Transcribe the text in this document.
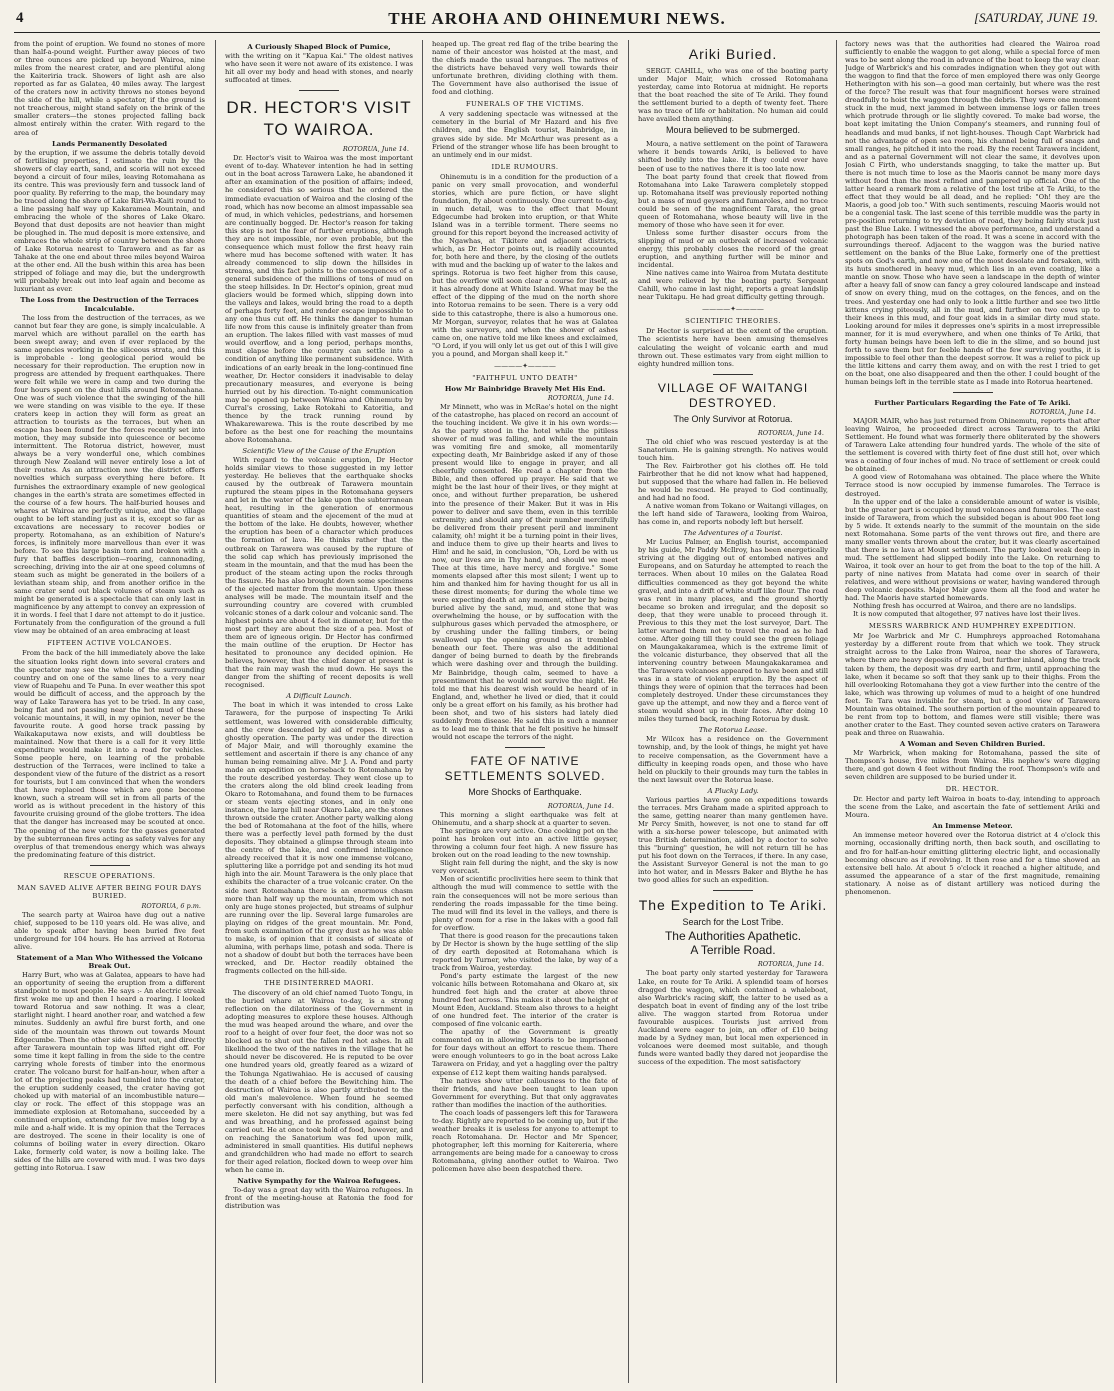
4	THE AROHA AND OHINEMURI NEWS.	[SATURDAY, JUNE 19.

from the point of eruption. We found no stones of more than half-a-pound weight. Further away pieces of two or three ounces are picked up beyond Wairoa, nine miles from the nearest crater, and are plentiful along the Kaiteriria track. Showers of light ash are also reported as far as Galatea, 40 miles away. The largest of the craters now in activity throws no stones beyond the side of the hill, while a spectator, if the ground is not treacherous, might stand safely on the brink of the smaller craters—the stones projected falling back almost entirely within the crater. With regard to the area of

Lands Permanently Desolated

by the eruption, if we assume the debris totally devoid of fertilising properties, I estimate the ruin by the showers of clay earth, sand, and scoria will not exceed beyond a circuit of four miles, leaving Rotomahana as its centre. This was previously fern and tussock land of poor quality. By referring to the map, the boundary may be traced along the shore of Lake Riri-Wa-Kaiti round to a line passing half way up Kakaramea Mountain, and embracing the whole of the shores of Lake Okaro. Beyond that dust deposits are not heavier than might be ploughed in. The mud deposit is more extensive, and embraces the whole strip of country between the shore of Lake Rotorua nearest to Tarawera and as far as Tahake at the one end about three miles beyond Wairoa at the other end. All the bush within this area has been stripped of foliage and may die, but the undergrowth will probably break out into leaf again and become as luxuriant as ever.

The Loss from the Destruction of the Terraces Incalculable.

The loss from the destruction of the terraces, as we cannot but fear they are gone, is simply incalculable. A marvel which are without parallel on the earth has been swept away; and even if ever replaced by the same agencies working in the siliceous strata, and this is improbable - long geological period would be necessary for their reproduction. The eruption now in progress are attended by frequent earthquakes. There were felt while we were in camp and two during the four hours spent on the dust hills around Rotomahana. One was of such violence that the swinging of the hill we were standing on was visible to the eye. If these craters keep in action they will form as great an attraction to tourists as the terraces, but when an escape has been found for the forces recently set into motion, they may subside into quiescence or become intermittent. The Rotorua district, however, must always be a very wonderful one, which combines through New Zealand will never entirely lose a lot of their routes. As an attraction now the district offers novelties which surpass everything here before. It furnishes the extraordinary example of new geological changes in the earth's strata are sometimes effected in the course of a few hours. The half-buried houses and whares at Wairoa are perfectly unique, and the village ought to be left standing just as it is, except so far as excavations are necessary to recover bodies or property. Rotomahana, as an exhibition of Nature's forces, is infinitely more marvellous than ever it was before. To see this large basin torn and broken with a fury that baffles description—roaring, cannonading, screeching, driving into the air at one speed columns of steam such as might be generated in the boilers of a leviathan steam ship, and from another orifice in the same crater send out black volumes of steam such as might be generated is a spectacle that can only last in magnificence by any attempt to convey an expression of it in words. I feel that I dare not attempt to do it justice. Fortunately from the configuration of the ground a full view may be obtained of an area embracing at least

FIFTEEN ACTIVE VOLCANOES.

From the back of the hill immediately above the lake the situation looks right down into several craters and the spectator may see the whole of the surrounding country and on one of the same lines to a very near view of Ruapehu and Te Puna. In ever weather this spot would be difficult of access, and the approach by the way of Lake Tarawera has yet to be tried. In any case, being flat and not passing near the hot mud of these volcanic mountains, it will, in my opinion, never be the favourite route. A good horse track passing by Waikakaputawa now exists, and will doubtless be maintained. Now that there is a call for it very little expenditure would make it into a road for vehicles. Some people here, on learning of the probable destruction of the Terraces, were inclined to take a despondent view of the future of the district as a resort for tourists, but I am convinced that when the wonders that have replaced those which are gone become known, such a stream will set in from all parts of the world as is without precedent in the history of this favourite cruising ground of the globe trotters. The idea that the danger has increased may be scouted at once. The opening of the new vents for the gasses generated by the subterranean fires acting as safety valves for any overplus of that tremendous energy which was always the predominating feature of this district.

RESCUE OPERATIONS.
MAN SAVED ALIVE AFTER BEING FOUR DAYS BURIED.
ROTORUA, 6 p.m.

The search party at Wairoa have dug out a native chief, supposed to be 110 years old. He was alive, and able to speak after having been buried five feet underground for 104 hours. He has arrived at Rotorua alive.

Statement of a Man Who Withessed the Volcano Break Out.

Harry Burt, who was at Galatea, appears to have had an opportunity of seeing the eruption from a different standpoint to most people. He says :- An electric streak first woke me up and then I heard a roaring. I looked toward Rotorua and saw nothing. It was a clear, starlight night. I heard another roar, and watched a few minutes. Suddenly an awful fire burst forth, and one side of the mountain was thrown out towards Mount Edgecumbe. Then the other side burst out, and directly after Tarawera mountain top was lifted right off. For some time it kept falling in from the side to the centre carrying whole forests of timber into the enormous crater. The volcano burst for half-an-hour, when after a lot of the projecting peaks had tumbled into the crater, the eruption suddenly ceased, the crater having got choked up with material of an incombustible nature—clay or rock. The effect of this stoppage was an immediate explosion at Rotomahana, succeeded by a continued eruption, extending for five miles long by a mile and a-half wide. It is my opinion that the Terraces are destroyed. The scene in their locality is one of columns of boiling water in every direction. Okaro Lake, formerly cold water, is now a boiling lake. The sides of the hills are covered with mud. I was two days getting into Rotorua. I saw

A Curiously Shaped Block of Pumice,

with the writing on it "Kapua Kai." The oldest natives who have seen it were not aware of its existence. I was hit all over my body and head with stones, and nearly suffocated at times.

DR. HECTOR'S VISIT TO WAIROA.
ROTORUA, June 14.

Dr. Hector's visit to Wairoa was the most important event of to-day. Whatever intention he had in setting out in the boat across Tarawera Lake, he abandoned it after an examination of the position of affairs; indeed, he considered this so serious that he ordered the immediate evacuation of Wairoa and the closing of the road, which has now become an almost impassable sea of mud, in which vehicles, pedestrians, and horsemen are continually bogged. Dr. Hector's reason for taking this step is not the fear of further eruptions, although they are not impossible, nor even probable, but the consequence which must follow the first heavy rain where mud has become softened with water. It has already commenced to slip down the hillsides in streams, and this fact points to the consequences of a general subsidence of the millions of tons of mud on the steep hillsides. In Dr. Hector's opinion, great mud glaciers would be formed which, slipping down into the valleys and lakes, would bring the road to a depth of perhaps forty feet, and render escape impossible to any one thus cut off. He thinks the danger to human life now from this cause is infinitely greater than from an eruption. The lakes filled with vast masses of mud would overflow, and a long period, perhaps months, must elapse before the country can settle into a condition of anything like permanent subsidence. With indications of an early break in the long-continued fine weather, Dr. Hector considers it inadvisable to delay precautionary measures, and everyone is being hurried out by his direction. To-night communication may be opened up between Wairoa and Ohinemutu by Curral's crossing, Lake Rotokahi to Katoritia, and thence by the track running round by Whakarewarewa. This is the route described by me before as the best one for reaching the mountains above Rotomahana.

Scientific View of the Cause of the Eruption

With regard to the volcanic eruption, Dr Hector holds similar views to those suggested in my letter yesterday. He believes that the earthquake shocks caused by the outbreak of Tarawera mountain ruptured the steam pipes in the Rotomahana geysers and let in the water of the lake upon the subterranean heat, resulting in the generation of enormous quantities of steam and the ejecement of the mud at the bottom of the lake. He doubts, however, whether the eruption has been of a character which produces the formation of lava. He thinks rather that the outbreak on Tarawera was caused by the rupture of the solid cap which has previously imprisoned the steam in the mountain, and that the mud has been the product of the steam acting upon the rocks through the fissure. He has also brought down some specimens of the ejected matter from the mountain. Upon these analyses will be made. The mountain itself and the surrounding country are covered with crumbled volcanic stones of a dark colour and volcanic sand. The highest points are about 4 feet in diameter, but for the most part they are about the size of a pea. Most of them are of igneous origin. Dr Hector has confirmed the main outline of the eruption. Dr Hector has hesitated to pronounce any decided opinion. He believes, however, that the chief danger at present is that the rain may wash the mud down. He says the danger from the shifting of recent deposits is well recognised.

A Difficult Launch.

The boat in which it was intended to cross Lake Tarawera, for the purpose of inspecting Te Ariki settlement, was lowered with considerable difficulty, and the crew descended by aid of ropes. It was a ghostly operation. The party was under the direction of Major Mair, and will thoroughly examine the settlement and ascertain if there is any chance of any human being remaining alive. Mr J. A. Pond and party made an expedition on horseback to Rotomahana by the route described yesterday. They went close up to the craters along the old blind creek leading from Okaro to Rotomahana, and found them to be furnaces or steam vents ejecting stones, and in only one instance, the large hill near Okaro Lake, are the stones thrown outside the crater. Another party walking along the bed of Rotomahana at the foot of the hills, where there was a perfectly level path formed by the dust deposits. They obtained a glimpse through steam into the centre of the lake, and confirmed intelligence already received that it is now one immense volcano, spluttering like a porridge pot and sending its hot mud high into the air. Mount Tarawera is the only place that exhibits the character of a true volcanic crater. On the side next Rotomahana there is an enormous chasm more than half way up the mountain, from which not only are huge stones projected, but streams of sulphur are running over the lip. Several large fumaroles are playing on ridges of the great mountain. Mr. Pond, from such examination of the grey dust as he was able to make, is of opinion that it consists of silicate of alumina, with perhaps lime, potash and soda. There is not a shadow of doubt but both the terraces have been wrecked, and Dr. Hector readily obtained the fragments collected on the hill-side.

THE DISINTERRED MAORI.

The discovery of an old chief named Tuoto Tongu, in the buried whare at Wairoa to-day, is a strong reflection on the dilatoriness of the Government in adopting measures to explore these houses. Although the mud was heaped around the whare, and over the roof to a height of over four feet, the door was not so blocked as to shut out the fallen red hot ashes. In all likelihood the two of the natives in the village that he should never be discovered. He is reputed to be over one hundred years old, greatly feared as a wizard of the Tohunga Ngatiwahiao. He is accused of causing the death of a chief before the Bewitching him. The destruction of Wairoa is also partly attributed to the old man's malevolence. When found he seemed perfectly conversant with his condition, although a mere skeleton. He did not say anything, but was fed and was breathing, and he professed against being carried out. He at once took hold of food, however, and on reaching the Sanatorium was fed upon milk, administered in small quantities. His dutiful nephews and grandchildren who had made no effort to search for their aged relation, flocked down to weep over him when he came in.

Native Sympathy for the Wairoa Refugees.

To-day was a great day with the Wairoa refugees. In front of the meeting-house at Ratonia the food for distribution was

heaped up. The great red flag of the tribe bearing the name of their ancestor was hoisted at the mast, and the chiefs made the usual harangues. The natives of the districts have behaved very well towards their unfortunate brethren, dividing clothing with them. The Government have also authorised the issue of food and clothing.

FUNERALS OF THE VICTIMS.

A very saddening spectacle was witnessed at the cemetery in the burial of Mr Hazard and his five children, and the English tourist, Bainbridge, in graves side by side. Mr McArthur was present as a Friend of the stranger whose life has been brought to an untimely end in our midst.

IDLE RUMOURS.

Ohinemutu is in a condition for the production of a panic on very small provocation, and wonderful stories, which are pure fiction, or have slight foundation, fly about continuously. One current to-day, in much detail, was to the effect that Mount Edgecumbe had broken into eruption, or that White Island was in a terrible torment. There seems no ground for this report beyond the increased activity of the Ngawhas, at Tikitere and adjacent districts, which, as Dr. Hector points out, is readily accounted for, both here and there, by the closing of the outlets with mud and the backing up of water to the lakes and springs. Rotorua is two feet higher from this cause, but the overflow will soon clear a course for itself, as it has already done at White Island. What may be the effect of the dipping of the mud on the north shore into Rotorua remains to be seen. There is a very odd side to this catastrophe, there is also a humorous one. Mr Morgan, surveyor, relates that he was at Galatea with the surveyors, and when the shower of ashes came on, one native told me like knees and exclaimed, "O Lord, if you will only let us get out of this I will give you a pound, and Morgan shall keep it."

————✦————
"FAITHFUL UNTO DEATH"
How Mr Bainbridge Bravely Met His End.
ROTORUA, June 14.

Mr Minnett, who was in McRae's hotel on the night of the catastrophe, has placed on record an account of the touching incident. We give it in his own words:—As the party stood in the hotel while the pitiless shower of mud was falling, and while the mountain was vomiting fire and smoke, all momentarily expecting death, Mr Bainbridge asked if any of those present would like to engage in prayer, and all cheerfully consented. He read a chapter from the Bible, and then offered up prayer. He said that we might be the last hour of their lives, or they might at once, and without further preparation, be ushered into the presence of their Maker. But it was in His power to deliver and save them, even in this terrible extremity; and should any of their number mercifully be delivered from their present peril and imminent calamity, oh! might it be a turning point in their lives, and induce them to give up their hearts and lives to Him! and he said, in conclusion, "Oh, Lord be with us now, our lives are in Thy hand, and should we meet Thee at this time, have mercy and forgive." Some moments elapsed after this most silent; I went up to him and thanked him for having thought for us all in these direst moments; for during the whole time we were expecting death at any moment, either by being buried alive by the sand, mud, and stone that was overwhelming the house, or by suffocation with the sulphurous gases which pervaded the atmosphere, or by crushing under the falling timbers, or being swallowed up the opening ground as it trembled beneath our feet. There was also the additional danger of being burned to death by the firebrands which were dashing over and through the building. Mr Bainbridge, though calm, seemed to have a presentiment that he would not survive the night. He told me that his dearest wish would be heard of in England, and, whether he lived or died, that it could only be a great effort on his family, as his brother had been shot, and two of his sisters had lately died suddenly from disease. He said this in such a manner as to lead me to think that he felt positive he himself would not escape the terrors of the night.

FATE OF NATIVE SETTLEMENTS SOLVED.
More Shocks of Earthquake.
ROTORUA, June 14.

This morning a slight earthquake was felt at Ohinemutu, and a sharp shock at a quarter to seven.

The springs are very active. One cooking pot on the point has broken out into an active little geyser, throwing a column four feet high. A new fissure has broken out on the road leading to the new township.

Slight rain fell during the night, and the sky is now very overcast.

Men of scientific proclivities here seem to think that although the mud will commence to settle with the rain the consequences will not be more serious than rendering the roads impassable for the time being. The mud will find its level in the valleys, and there is plenty of room for a rise in the lakes with a good fall for overflow.

That there is good reason for the precautions taken by Dr Hector is shown by the huge settling of the slip of dry earth deposited at Rotomahana which is reported by Turner, who visited the lake, by way of a track from Wairoa, yesterday.

Pond's party estimate the largest of the new volcanic hills between Rotomahana and Okaro at, six hundred feet high and the crater at above three hundred feet across. This makes it about the height of Mount Eden, Auckland. Steam also throws to a height of one hundred feet. The interior of the crater is composed of fine volcanic earth.

The apathy of the Government is greatly commented on in allowing Maoris to be imprisoned for four days without an effort to rescue them. There were enough volunteers to go in the boat across Lake Tarawera on Friday, and yet a haggling over the paltry expense of £12 kept them waiting hands paralysed.

The natives show utter callousness to the fate of their friends, and have been taught to lean upon Government for everything. But that only aggravates rather than modifies the inaction of the authorities.

The coach loads of passengers left this for Tarawera to-day. Rightly are reported to be coming up, but if the weather breaks it is useless for anyone to attempt to reach Rotomahana. Dr. Hector and Mr Spencer, photographer, left this morning for Kaitereria, where arrangements are being made for a canoeway to cross Rotomahana, giving another outlet to Wairoa. Two policemen have also been despatched there.

Ariki Buried.

SERGT. CAHILL, who was one of the boating party under Major Mair, which crossed Rotomahana yesterday, came into Rotorua at midnight. He reports that the boat reached the site of Te Ariki. They found the settlement buried to a depth of twenty feet. There was no trace of life or habitation. No human aid could have availed them anything.

Moura believed to be submerged.

Moura, a native settlement on the point of Tarawera where it bends towards Ariki, is believed to have shifted bodily into the lake. If they could ever have been of use to the natives there it is too late now.

The boat party found that creek that flowed from Rotomahana into Lake Tarawera completely stopped up. Rotomahana itself was previously reported nothing but a mass of mud geysers and fumaroles, and no trace could be seen of the magnificent Tarata, the great queen of Rotomahana, whose beauty will live in the memory of those who have seen it for ever.

Unless some further disaster occurs from the slipping of mud or an outbreak of increased volcanic energy, this probably closes the record of the great eruption, and anything further will be minor and incidental.

Nine natives came into Wairoa from Mutata destitute and were relieved by the boating party. Sergeant Cahill, who came in last night, reports a great landslip near Tukitapu. He had great difficulty getting through.

————✦————
SCIENTIFIC THEORIES.

Dr Hector is surprised at the extent of the eruption. The scientists here have been amusing themselves calculating the weight of volcanic earth and mud thrown out. These estimates vary from eight million to eighty hundred million tons.

VILLAGE OF WAITANGI DESTROYED.
The Only Survivor at Rotorua.
ROTORUA, June 14.

The old chief who was rescued yesterday is at the Sanatorium. He is gaining strength. No natives would touch him.

The Rev. Fairbrother got his clothes off. He told Fairbrother that he did not know what had happened, but supposed that the whare had fallen in. He believed he would be rescued. He prayed to God continually, and had had no food.

A native woman from Tokano or Waitangi villages, on the left hand side of Tarawera, looking from Wairoa, has come in, and reports nobody left but herself.

The Adventures of a Tourist.

Mr Lucius Palmer, an English tourist, accompanied by his guide, Mr Paddy McIlroy, has been energetically striving at the digging out of entombed natives and Europeans, and on Saturday he attempted to reach the terraces. When about 10 miles on the Galatea Road difficulties commenced as they got beyond the white gravel, and into a drift of white stuff like flour. The road was rent in many places, and the ground shortly became so broken and irregular, and the deposit so deep, that they were unable to proceed through it. Previous to this they met the lost surveyor, Dart. The latter warned them not to travel the road as he had come. After going till they could see the green foliage on Maungakakaramea, which is the extreme limit of the volcanic disturbance, they observed that all the intervening country between Maungakakaramea and the Tarawera volcanoes appeared to have been and still was in a state of violent eruption. By the aspect of things they were of opinion that the terraces had been completely destroyed. Under these circumstances they gave up the attempt, and now they and a fierce vent of steam would shoot up in their faces. After doing 10 miles they turned back, reaching Rotorua by dusk.

The Rotorua Lease.

Mr Wilcox has a residence on the Government township, and, by the look of things, he might yet have to receive compensation, as the Government have a difficulty in keeping roads open, and those who have held on pluckily to their grounds may turn the tables in the next lawsuit over the Rotorua lease.

A Plucky Lady.

Various parties have gone on expeditions towards the terraces. Mrs Graham made a spirited approach to the same, getting nearer than many gentlemen have. Mr Percy Smith, however, is not one to stand far off with a six-horse power telescope, but animated with true British determination, aided by a doctor to solve this "burning" question, he will not return till he has put his foot down on the Terraces, if there. In any case, the Assistant Surveyor General is not the man to go into hot water, and in Messrs Baker and Blythe he has two good allies for such an expedition.

The Expedition to Te Ariki.
Search for the Lost Tribe.
The Authorities Apathetic.
A Terrible Road.
ROTORUA, June 14.

The boat party only started yesterday for Tarawera Lake, en route for Te Ariki. A splendid team of horses dragged the waggon, which contained a whaleboat, also Warbrick's racing skiff, the latter to be used as a despatch boat in event of finding any of the lost tribe alive. The waggon started from Rotorua under favourable auspices. Tourists just arrived from Auckland were eager to join, an offer of £10 being made by a Sydney man, but local men experienced in volcanoes were deemed most suitable, and though funds were wanted badly they dared not jeopardise the success of the expedition. The most satisfactory

factory news was that the authorities had cleared the Wairoa road sufficiently to enable the waggon to get along, while a special force of men was to be sent along the road in advance of the boat to keep the way clear. Judge of Warbrick's and his comrades indignation when they got out with the waggon to find that the force of men employed there was only George Hetherington with his son—a good man certainly, but where was the rest of the force? The result was that four magnificent horses were strained dreadfully to hoist the waggon through the debris. They were one moment stuck in the mud, next jammed in between immense logs or fallen trees which protrude through or lie slightly covered. To make bad worse, the boat kept imitating the Union Company's steamers, and running foul of headlands and mud banks, if not light-houses. Though Capt Warbrick had not the advantage of open sea room, his channel being full of snags and small ranges, he pitched it into the road. By the recent Tarawera incident, and as a paternal Government will not clear the same, it devolves upon Josiah C Firth, who understands snagging, to take the matter up. But there is not much time to lose as the Maoris cannot be many more days without food than the most refined and pampered up official. One of the latter heard a remark from a relative of the lost tribe at Te Ariki, to the effect that they would be all dead, and he replied: "Oh! they are the Maoris, a good job too." With such sentiments, rescuing Maoris would not be a congenial task. The last scene of this terrible muddle was the party in pre-position returning to try deviation of road, they being fairly stuck just past the Blue Lake. I witnessed the above performance, and understand a photograph has been taken of the road. It was a scene in accord with the surroundings thereof. Adjacent to the waggon was the buried native settlement on the banks of the Blue Lake, formerly one of the prettiest spots on God's earth, and now one of the most desolate and forsaken, with its huts smothered in heavy mud, which lies in an even coating, like a mantle on snow. Those who have seen a landscape in the depth of winter after a heavy fall of snow can fancy a grey coloured landscape and instead of snow on every thing, mud on the cottages, on the fences, and on the trees. And yesterday one had only to look a little further and see two little kittens crying piteously, all in the mud, and further on two cows up to their knees in this mud, and four goat kids in a similar dirty mud state. Looking around for miles it depresses one's spirits in a most irrepressible manner, for it is mud everywhere, and when one thinks of Te Ariki, that forty human beings have been left to die in the slime, and so bound just forth to save them but for feeble hands of the few surviving youths, it is impossible to feel other than the deepest sorrow. It was a relief to pick up the little kittens and carry them away, and on with the rest I tried to get on the boat, one also disappeared and then the other. I could bought of the human beings left in the terrible state as I made into Rotorua heartened.

Further Particulars Regarding the Fate of Te Ariki.
ROTORUA, June 14.

MAJOR MAIR, who has just returned from Ohinemutu, reports that after leaving Wairoa, he proceeded direct across Tarawera to the Ariki Settlement. He found what was formerly there obliterated by the showers of Tarawera Lake attending four hundred yards. The whole of the site of the settlement is covered with thirty feet of fine dust still hot, over which was a coating of four inches of mud. No trace of settlement or creek could be obtained.

A good view of Rotomahana was obtained. The place where the White Terrace stood is now occupied by immense fumaroles. The Terrace is destroyed.

In the upper end of the lake a considerable amount of water is visible, but the greater part is occupied by mud volcanoes and fumaroles. The east inside of Tarawera, from which the subsided began is about 900 feet long by 5 wide. It extends nearly to the summit of the mountain on the side next Rotomahana. Some parts of the vent throws out fire, and there are many smaller vents thrown about the crater, but it was clearly ascertained that there is no lava at Mount settlement. The party looked weak deep in mud. The settlement had slipped bodily into the Lake. On returning to Wairoa, it took over an hour to get from the boat to the top of the hill. A party of nine natives from Matata had come over in search of their relatives, and were without provisions or water, having wandered through deep volcanic deposits. Major Mair gave them all the food and water he had. The Maoris have started homewards.

Nothing fresh has occurred at Wairoa, and there are no landslips.

It is now computed that altogether, 97 natives have lost their lives.

MESSRS WARBRICK AND HUMPHREY EXPEDITION.

Mr Joe Warbrick and Mr C. Humphreys approached Rotomahana yesterday by a different route from that which we took. They struck straight across to the Lake from Wairoa, near the shores of Tarawera, where there are heavy deposits of mud, but further inland, along the track taken by them, the deposit was dry earth and firm, until approaching the lake, when it became so soft that they sank up to their thighs. From the hill overlooking Rotomahana they got a view further into the centre of the lake, which was throwing up volumes of mud to a height of one hundred feet. Te Tara was invisible for steam, but a good view of Tarawera Mountain was obtained. The southern portion of the mountain appeared to be rent from top to bottom, and flames were still visible; there was another crater to the East. They counted seven active craters on Tarawera peak and three on Ruawahia.

A Woman and Seven Children Buried.

Mr Warbrick, when making for Rotomahana, passed the site of Thompson's house, five miles from Wairoa. His nephew's were digging there, and got down 4 feet without finding the roof. Thompson's wife and seven children are supposed to be buried under it.

DR. HECTOR.

Dr. Hector and party left Wairoa in boats to-day, intending to approach the scene from the Lake, and ascertain the fate of settlement Ariki and Moura.

An Immense Meteor.

An immense meteor hovered over the Rotorua district at 4 o'clock this morning, occasionally drifting north, then back south, and oscillating to and fro for half-an-hour emitting glittering electric light, and occasionally becoming obscure as if revolving. It then rose and for a time showed an extensive bell halo. At about 5 o'clock it reached a higher altitude, and assumed the appearance of a star of the first magnitude, remaining stationary. A noise as of distant artillery was noticed during the phenomenon.
